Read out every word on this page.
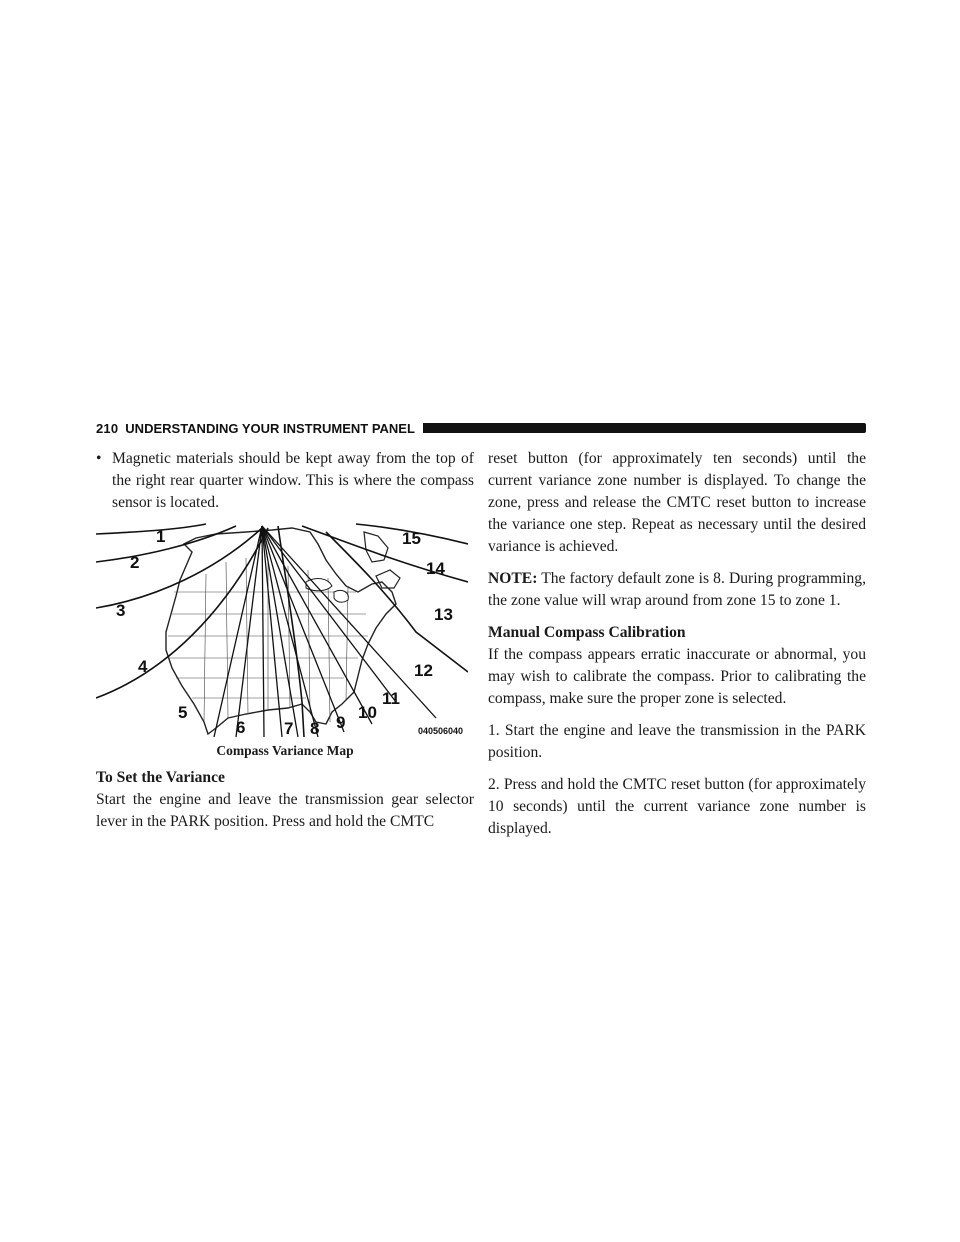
210 UNDERSTANDING YOUR INSTRUMENT PANEL
• Magnetic materials should be kept away from the top of the right rear quarter window. This is where the compass sensor is located.
1
2
3
4
5
6 7 8 9
10
11
12
13
14
15
040506040
Compass Variance Map
To Set the Variance

Start the engine and leave the transmission gear selector lever in the PARK position. Press and hold the CMTC

reset button (for approximately ten seconds) until the current variance zone number is displayed. To change the zone, press and release the CMTC reset button to increase the variance one step. Repeat as necessary until the desired variance is achieved.

NOTE: The factory default zone is 8. During programming, the zone value will wrap around from zone 15 to zone 1.

Manual Compass Calibration

If the compass appears erratic inaccurate or abnormal, you may wish to calibrate the compass. Prior to calibrating the compass, make sure the proper zone is selected.

1. Start the engine and leave the transmission in the PARK position.

2. Press and hold the CMTC reset button (for approximately 10 seconds) until the current variance zone number is displayed.
